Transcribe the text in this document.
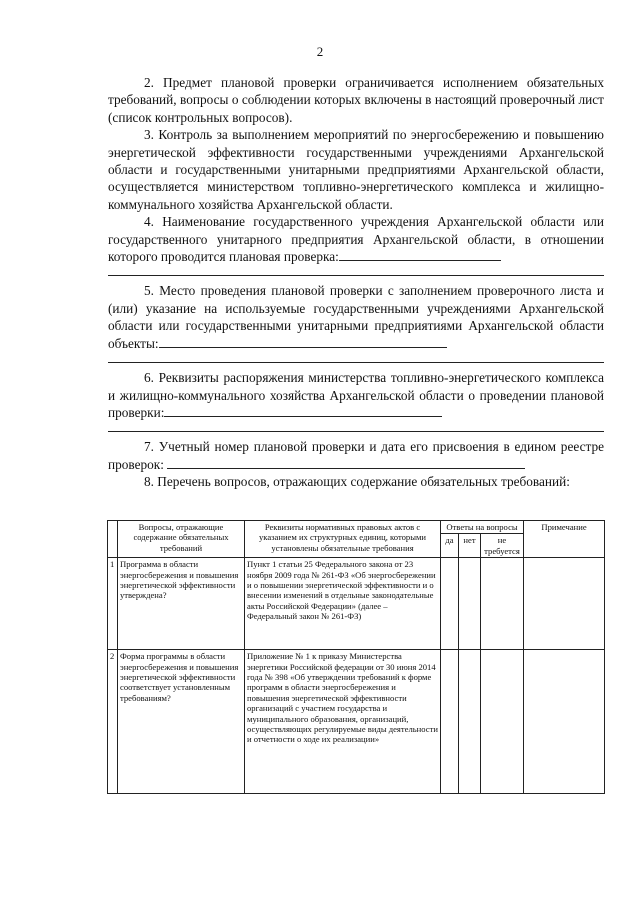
2

2. Предмет плановой проверки ограничивается исполнением обязательных требований, вопросы о соблюдении которых включены в настоящий проверочный лист (список контрольных вопросов).

3. Контроль за выполнением мероприятий по энергосбережению и повышению энергетической эффективности государственными учреждениями Архангельской области и государственными унитарными предприятиями Архангельской области, осуществляется министерством топливно-энергетического комплекса и жилищно-коммунального хозяйства Архангельской области.

4. Наименование государственного учреждения Архангельской области или государственного унитарного предприятия Архангельской области, в отношении которого проводится плановая проверка:

5. Место проведения плановой проверки с заполнением проверочного листа и (или) указание на используемые государственными учреждениями Архангельской области или государственными унитарными предприятиями Архангельской области объекты:

6. Реквизиты распоряжения министерства топливно-энергетического комплекса и жилищно-коммунального хозяйства Архангельской области о проведении плановой проверки:

7. Учетный номер плановой проверки и дата его присвоения в едином реестре проверок:

8. Перечень вопросов, отражающих содержание обязательных требований:

	Вопросы, отражающие содержание обязательных требований	Реквизиты нормативных правовых актов с указанием их структурных единиц, которыми установлены обязательные требования	Ответы на вопросы			Примечание
			да	нет	не требуется	
1	Программа в области энергосбережения и повышения энергетической эффективности утверждена?	Пункт 1 статьи 25 Федерального закона от 23 ноября 2009 года № 261-ФЗ «Об энергосбережении и о повышении энергетической эффективности и о внесении изменений в отдельные законодательные акты Российской Федерации» (далее – Федеральный закон № 261-ФЗ)				
2	Форма программы в области энергосбережения и повышения энергетической эффективности соответствует установленным требованиям?	Приложение № 1 к приказу Министерства энергетики Российской федерации от 30 июня 2014 года № 398 «Об утверждении требований к форме программ в области энергосбережения и повышения энергетической эффективности организаций с участием государства и муниципального образования, организаций, осуществляющих регулируемые виды деятельности и отчетности о ходе их реализации»				
